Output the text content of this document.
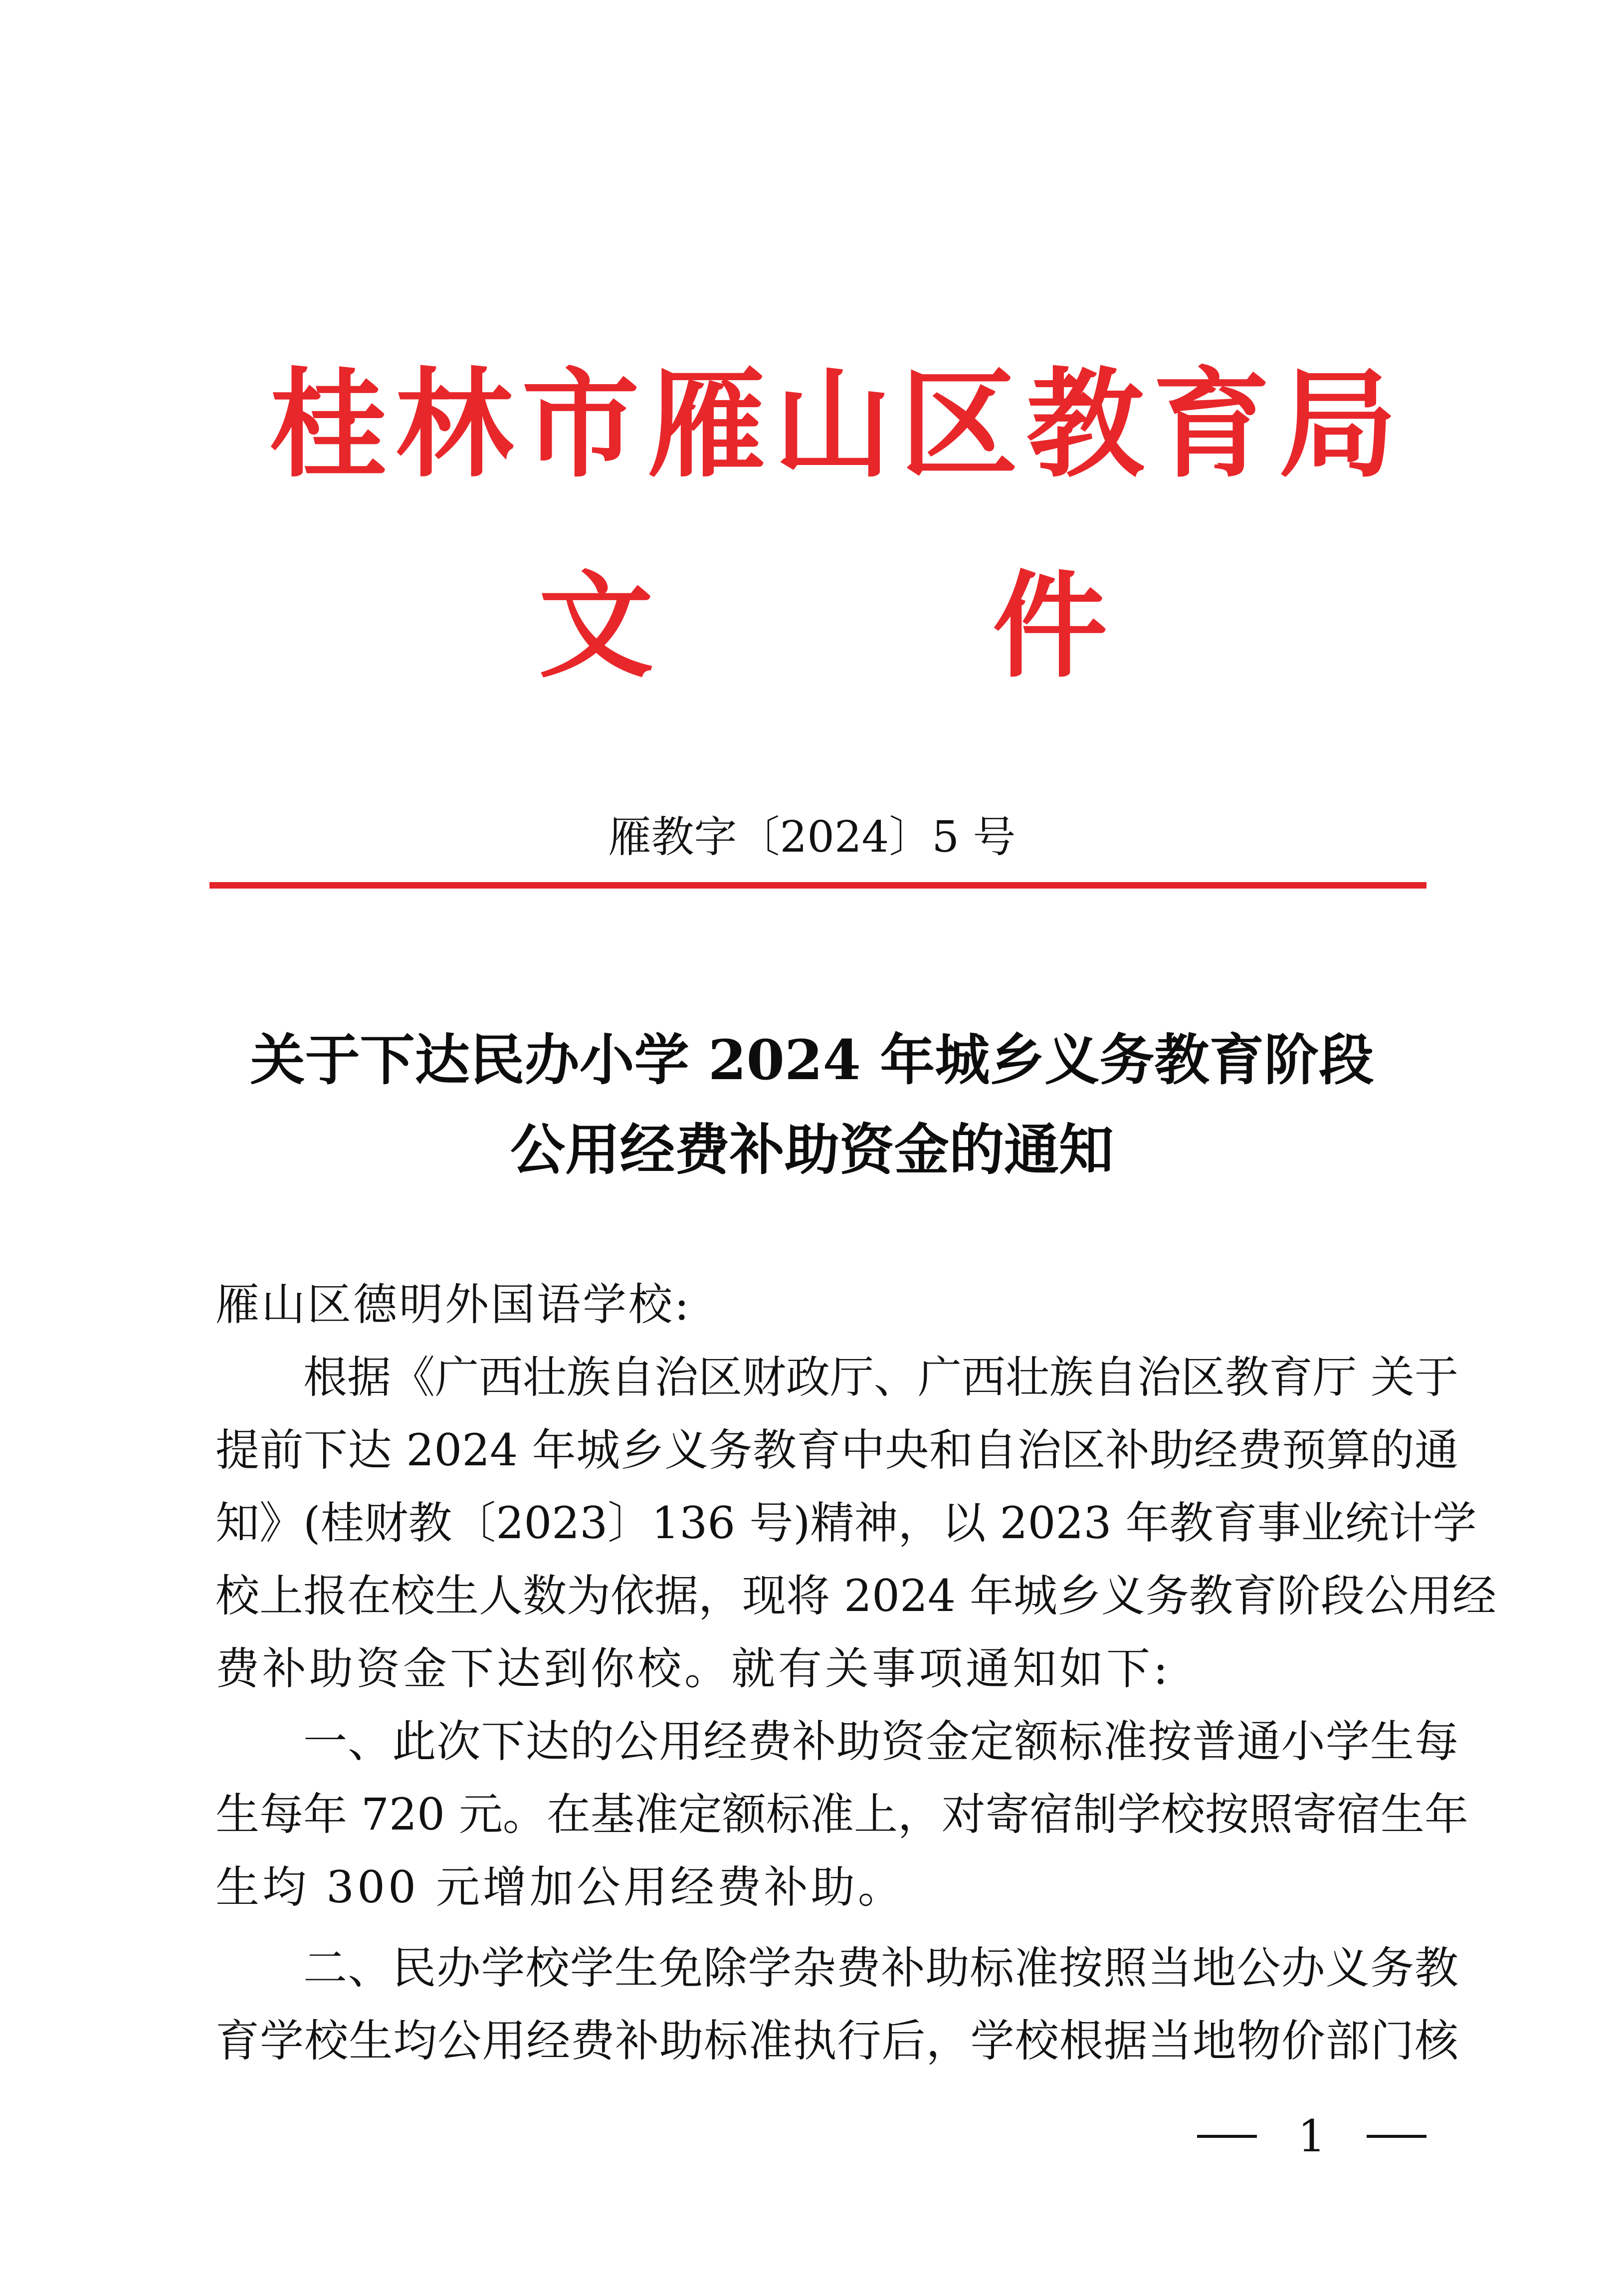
桂 林 市 雁 山 区 教 育 局
文	件
雁教字〔2024〕5 号
关于下达民办小学 2024 年城乡义务教育阶段
公用经费补助资金的通知
雁山区德明外国语学校:
根据《广西壮族自治区财政厅、广西壮族自治区教育厅 关于
提前下达 2024 年城乡义务教育中央和自治区补助经费预算的通
知》(桂财教〔2023〕136 号)精神，以 2023 年教育事业统计学
校上报在校生人数为依据，现将 2024 年城乡义务教育阶段公用经
费补助资金下达到你校。就有关事项通知如下:
一、此次下达的公用经费补助资金定额标准按普通小学生每
生每年 720 元。在基准定额标准上，对寄宿制学校按照寄宿生年
生均 300 元增加公用经费补助。
二、民办学校学生免除学杂费补助标准按照当地公办义务教
育学校生均公用经费补助标准执行后，学校根据当地物价部门核
1
